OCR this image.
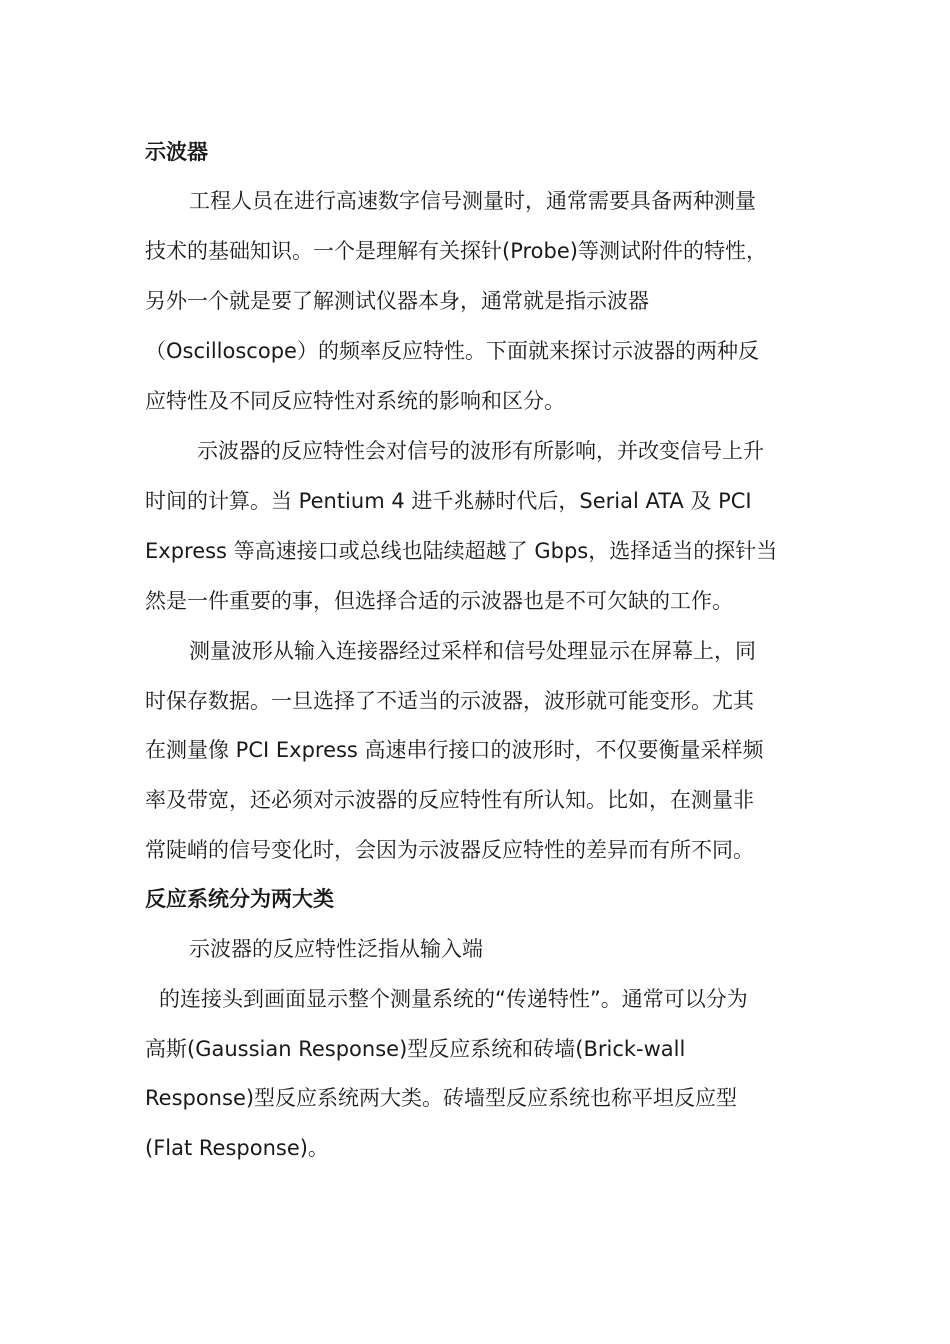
示波器
工程人员在进行高速数字信号测量时，通常需要具备两种测量
技术的基础知识。一个是理解有关探针(Probe)等测试附件的特性，
另外一个就是要了解测试仪器本身，通常就是指示波器
（Oscilloscope）的频率反应特性。下面就来探讨示波器的两种反
应特性及不同反应特性对系统的影响和区分。
示波器的反应特性会对信号的波形有所影响，并改变信号上升
时间的计算。当 Pentium 4 进千兆赫时代后，Serial ATA 及 PCI
Express 等高速接口或总线也陆续超越了 Gbps，选择适当的探针当
然是一件重要的事，但选择合适的示波器也是不可欠缺的工作。
测量波形从输入连接器经过采样和信号处理显示在屏幕上，同
时保存数据。一旦选择了不适当的示波器，波形就可能变形。尤其
在测量像 PCI Express 高速串行接口的波形时，不仅要衡量采样频
率及带宽，还必须对示波器的反应特性有所认知。比如，在测量非
常陡峭的信号变化时，会因为示波器反应特性的差异而有所不同。
反应系统分为两大类
示波器的反应特性泛指从输入端
的连接头到画面显示整个测量系统的“传递特性”。通常可以分为
高斯(Gaussian Response)型反应系统和砖墙(Brick-wall
Response)型反应系统两大类。砖墙型反应系统也称平坦反应型
(Flat Response)。
